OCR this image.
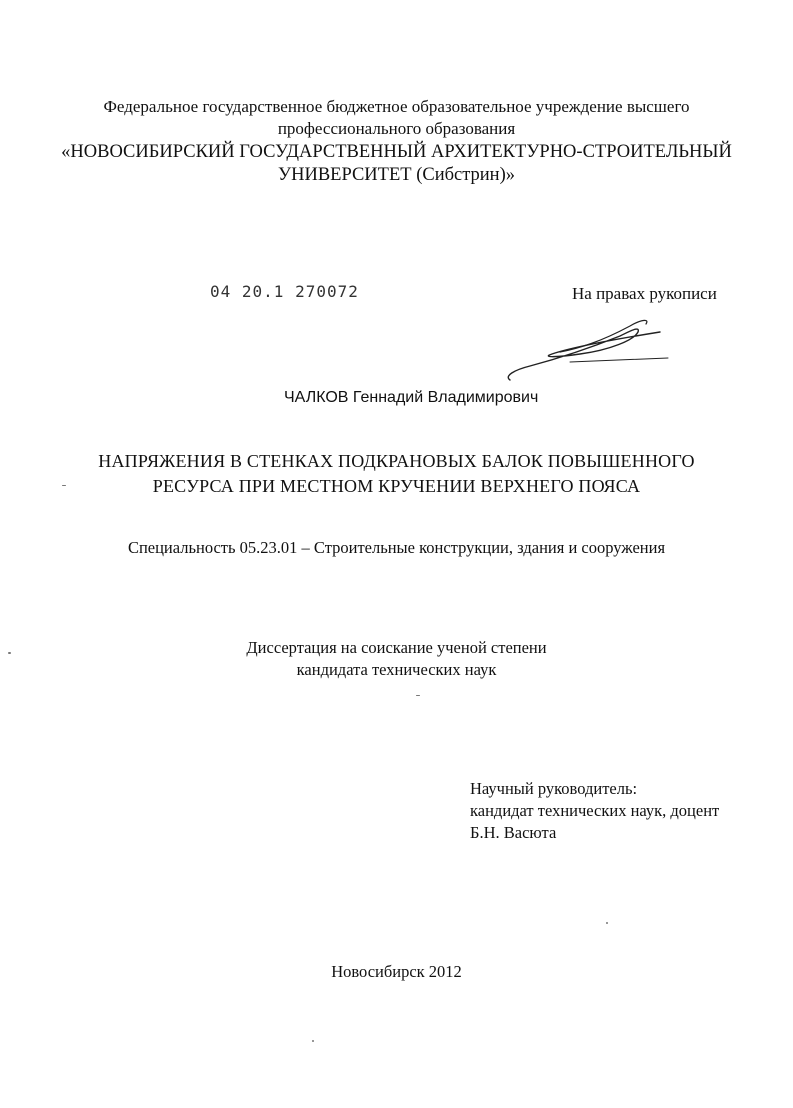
Федеральное государственное бюджетное образовательное учреждение высшего
профессионального образования
«НОВОСИБИРСКИЙ ГОСУДАРСТВЕННЫЙ АРХИТЕКТУРНО-СТРОИТЕЛЬНЫЙ
УНИВЕРСИТЕТ (Сибстрин)»
04 20.1 270072	На правах рукописи
ЧАЛКОВ Геннадий Владимирович
НАПРЯЖЕНИЯ В СТЕНКАХ ПОДКРАНОВЫХ БАЛОК ПОВЫШЕННОГО
РЕСУРСА ПРИ МЕСТНОМ КРУЧЕНИИ ВЕРХНЕГО ПОЯСА
Специальность 05.23.01 – Строительные конструкции, здания и сооружения
Диссертация на соискание ученой степени
кандидата технических наук
Научный руководитель:
кандидат технических наук, доцент
Б.Н. Васюта
Новосибирск 2012
